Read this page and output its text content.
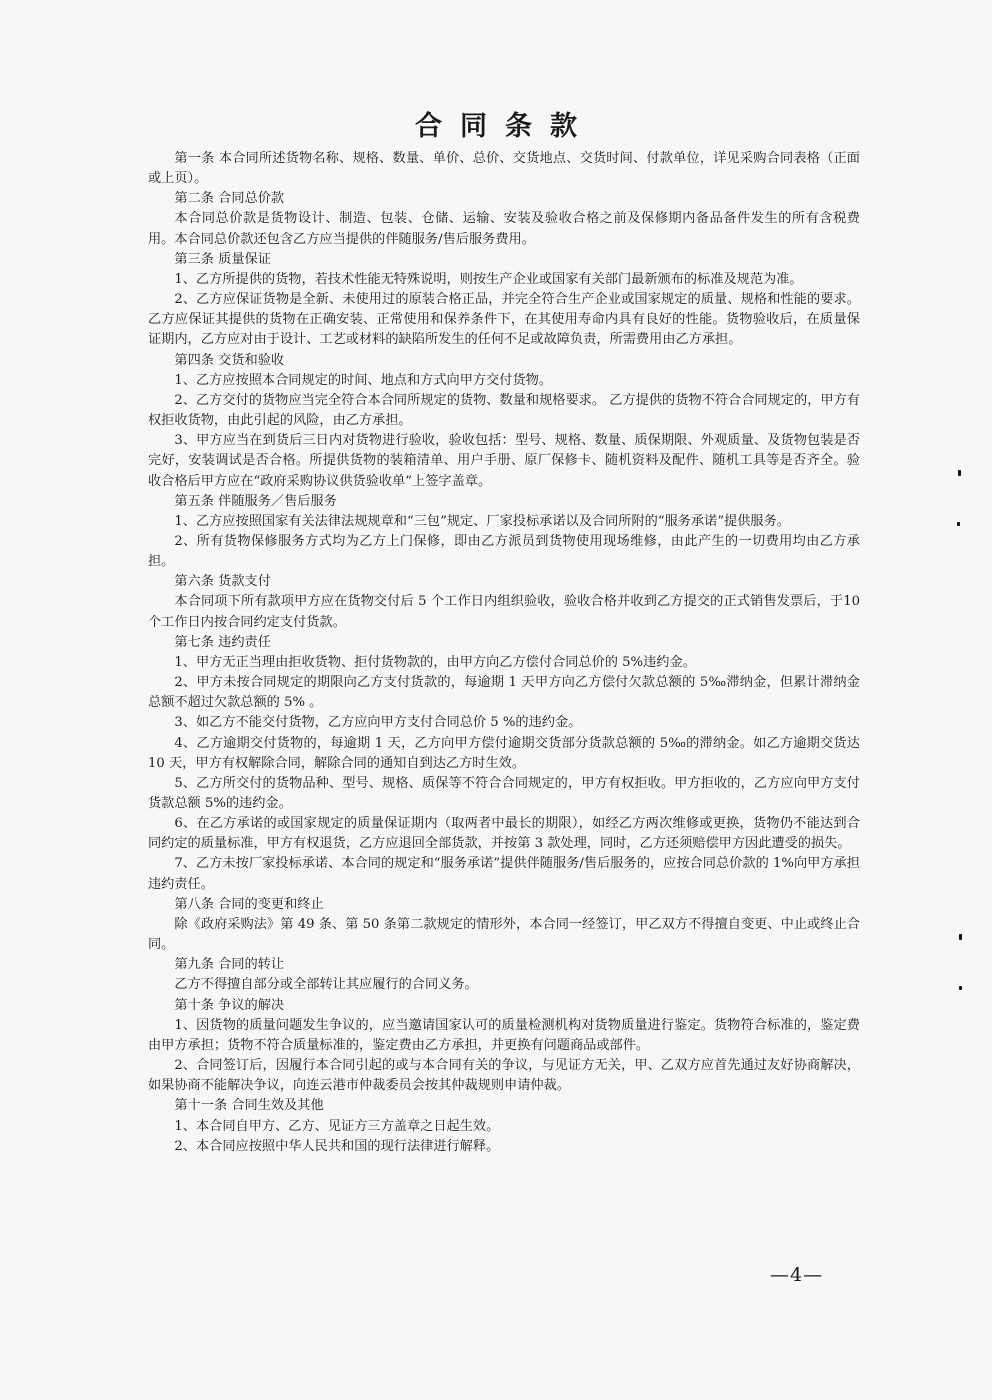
合同条款

第一条 本合同所述货物名称、规格、数量、单价、总价、交货地点、交货时间、付款单位，详见采购合同表格（正面或上页）。

第二条 合同总价款

本合同总价款是货物设计、制造、包装、仓储、运输、安装及验收合格之前及保修期内备品备件发生的所有含税费用。本合同总价款还包含乙方应当提供的伴随服务/售后服务费用。

第三条 质量保证

1、乙方所提供的货物，若技术性能无特殊说明，则按生产企业或国家有关部门最新颁布的标准及规范为准。

2、乙方应保证货物是全新、未使用过的原装合格正品，并完全符合生产企业或国家规定的质量、规格和性能的要求。乙方应保证其提供的货物在正确安装、正常使用和保养条件下，在其使用寿命内具有良好的性能。货物验收后，在质量保证期内，乙方应对由于设计、工艺或材料的缺陷所发生的任何不足或故障负责，所需费用由乙方承担。

第四条 交货和验收

1、乙方应按照本合同规定的时间、地点和方式向甲方交付货物。

2、乙方交付的货物应当完全符合本合同所规定的货物、数量和规格要求。 乙方提供的货物不符合合同规定的，甲方有权拒收货物，由此引起的风险，由乙方承担。

3、甲方应当在到货后三日内对货物进行验收，验收包括：型号、规格、数量、质保期限、外观质量、及货物包装是否完好，安装调试是否合格。所提供货物的装箱清单、用户手册、原厂保修卡、随机资料及配件、随机工具等是否齐全。验收合格后甲方应在“政府采购协议供货验收单”上签字盖章。

第五条 伴随服务／售后服务

1、乙方应按照国家有关法律法规规章和“三包”规定、厂家投标承诺以及合同所附的“服务承诺”提供服务。

2、所有货物保修服务方式均为乙方上门保修，即由乙方派员到货物使用现场维修，由此产生的一切费用均由乙方承担。

第六条 货款支付

本合同项下所有款项甲方应在货物交付后 5 个工作日内组织验收，验收合格并收到乙方提交的正式销售发票后，于10个工作日内按合同约定支付货款。

第七条 违约责任

1、甲方无正当理由拒收货物、拒付货物款的，由甲方向乙方偿付合同总价的 5%违约金。

2、甲方未按合同规定的期限向乙方支付货款的，每逾期 1 天甲方向乙方偿付欠款总额的 5‰滞纳金，但累计滞纳金总额不超过欠款总额的 5% 。

3、如乙方不能交付货物，乙方应向甲方支付合同总价 5 %的违约金。

4、乙方逾期交付货物的，每逾期 1 天，乙方向甲方偿付逾期交货部分货款总额的 5‰的滞纳金。如乙方逾期交货达 10 天，甲方有权解除合同，解除合同的通知自到达乙方时生效。

5、乙方所交付的货物品种、型号、规格、质保等不符合合同规定的，甲方有权拒收。甲方拒收的，乙方应向甲方支付货款总额 5%的违约金。

6、在乙方承诺的或国家规定的质量保证期内（取两者中最长的期限），如经乙方两次维修或更换，货物仍不能达到合同约定的质量标准，甲方有权退货，乙方应退回全部货款，并按第 3 款处理，同时，乙方还须赔偿甲方因此遭受的损失。

7、乙方未按厂家投标承诺、本合同的规定和“服务承诺”提供伴随服务/售后服务的，应按合同总价款的 1%向甲方承担违约责任。

第八条 合同的变更和终止

除《政府采购法》第 49 条、第 50 条第二款规定的情形外，本合同一经签订，甲乙双方不得擅自变更、中止或终止合同。

第九条 合同的转让

乙方不得擅自部分或全部转让其应履行的合同义务。

第十条 争议的解决

1、因货物的质量问题发生争议的，应当邀请国家认可的质量检测机构对货物质量进行鉴定。货物符合标准的，鉴定费由甲方承担；货物不符合质量标准的，鉴定费由乙方承担，并更换有问题商品或部件。

2、合同签订后，因履行本合同引起的或与本合同有关的争议，与见证方无关，甲、乙双方应首先通过友好协商解决，如果协商不能解决争议，向连云港市仲裁委员会按其仲裁规则申请仲裁。

第十一条 合同生效及其他

1、本合同自甲方、乙方、见证方三方盖章之日起生效。

2、本合同应按照中华人民共和国的现行法律进行解释。

—4—
